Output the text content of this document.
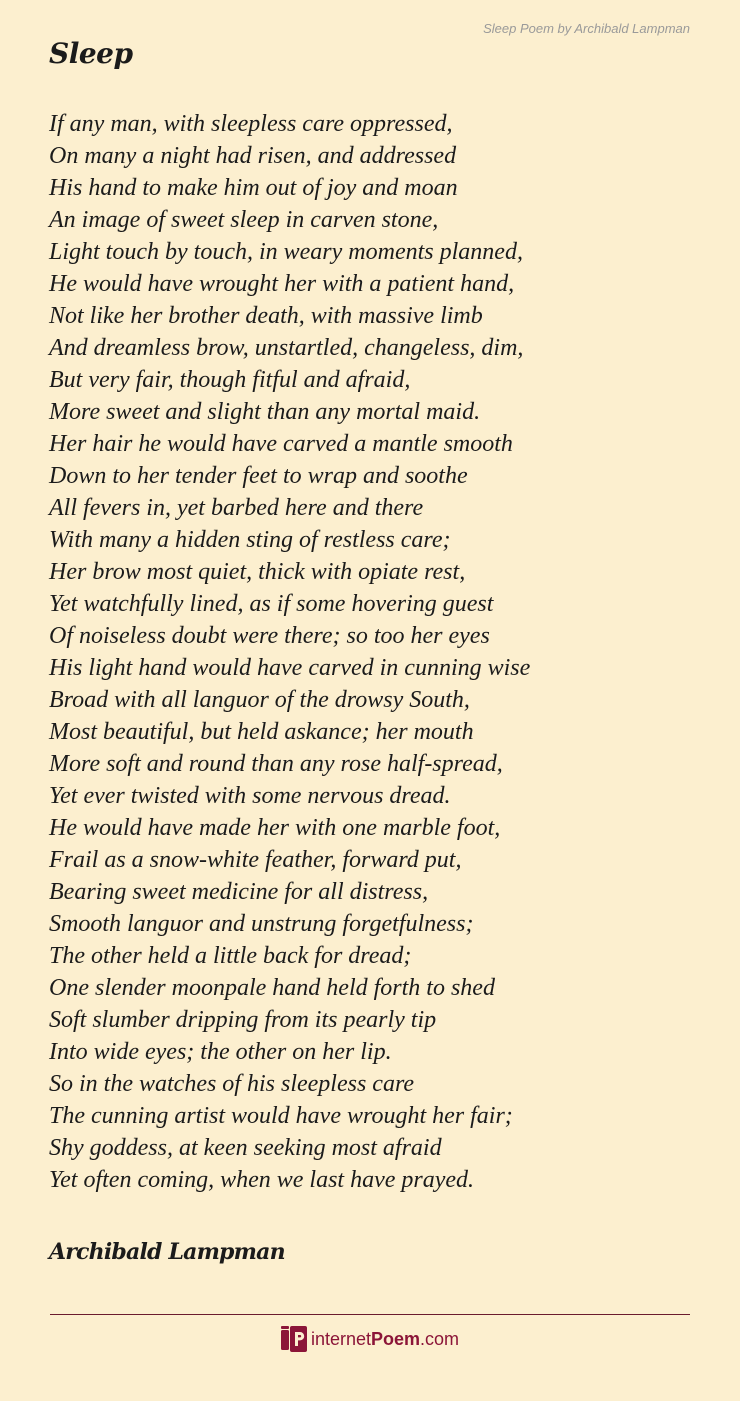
Sleep Poem by Archibald Lampman
Sleep
If any man, with sleepless care oppressed,
On many a night had risen, and addressed
His hand to make him out of joy and moan
An image of sweet sleep in carven stone,
Light touch by touch, in weary moments planned,
He would have wrought her with a patient hand,
Not like her brother death, with massive limb
And dreamless brow, unstartled, changeless, dim,
But very fair, though fitful and afraid,
More sweet and slight than any mortal maid.
Her hair he would have carved a mantle smooth
Down to her tender feet to wrap and soothe
All fevers in, yet barbed here and there
With many a hidden sting of restless care;
Her brow most quiet, thick with opiate rest,
Yet watchfully lined, as if some hovering guest
Of noiseless doubt were there; so too her eyes
His light hand would have carved in cunning wise
Broad with all languor of the drowsy South,
Most beautiful, but held askance; her mouth
More soft and round than any rose half-spread,
Yet ever twisted with some nervous dread.
He would have made her with one marble foot,
Frail as a snow-white feather, forward put,
Bearing sweet medicine for all distress,
Smooth languor and unstrung forgetfulness;
The other held a little back for dread;
One slender moonpale hand held forth to shed
Soft slumber dripping from its pearly tip
Into wide eyes; the other on her lip.
So in the watches of his sleepless care
The cunning artist would have wrought her fair;
Shy goddess, at keen seeking most afraid
Yet often coming, when we last have prayed.
Archibald Lampman
internetPoem.com
